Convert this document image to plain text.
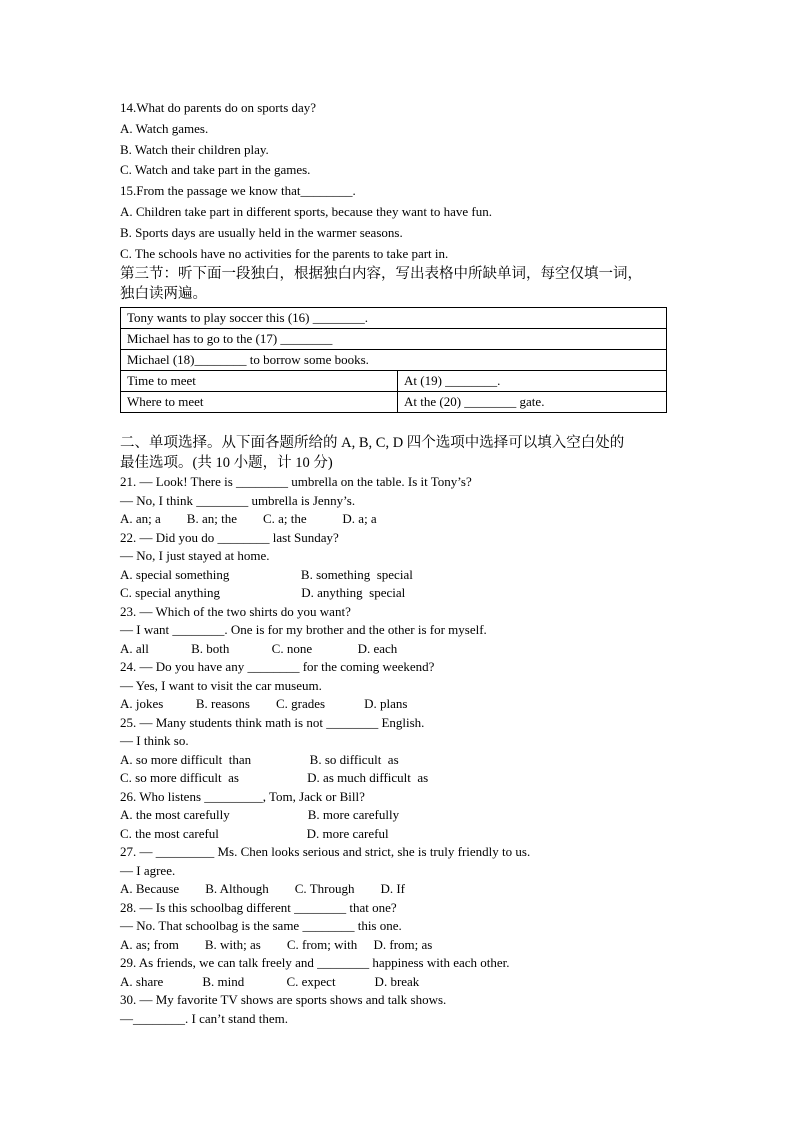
14.What do parents do on sports day?
A. Watch games.
B. Watch their children play.
C. Watch and take part in the games.
15.From the passage we know that________.
A. Children take part in different sports, because they want to have fun.
B. Sports days are usually held in the warmer seasons.
C. The schools have no activities for the parents to take part in.
第三节：听下面一段独白，根据独白内容，写出表格中所缺单词，每空仅填一词，
独白读两遍。
Tony wants to play soccer this (16) ________.	
Michael has to go to the (17) ________	
Michael (18)________ to borrow some books.	
Time to meet	At (19) ________.
Where to meet	At the (20) ________ gate.
二、单项选择。从下面各题所给的 A, B, C, D 四个选项中选择可以填入空白处的
最佳选项。(共 10 小题，计 10 分)
21. — Look! There is ________ umbrella on the table. Is it Tony’s?
— No, I think ________ umbrella is Jenny’s.
A. an; a        B. an; the        C. a; the           D. a; a
22. — Did you do ________ last Sunday?
— No, I just stayed at home.
A. special something                      B. something  special
C. special anything                         D. anything  special
23. — Which of the two shirts do you want?
— I want ________. One is for my brother and the other is for myself.
A. all             B. both             C. none              D. each
24. — Do you have any ________ for the coming weekend?
— Yes, I want to visit the car museum.
A. jokes          B. reasons        C. grades            D. plans
25. — Many students think math is not ________ English.
— I think so.
A. so more difficult  than                  B. so difficult  as
C. so more difficult  as                     D. as much difficult  as
26. Who listens _________, Tom, Jack or Bill?
A. the most carefully                        B. more carefully
C. the most careful                           D. more careful
27. — _________ Ms. Chen looks serious and strict, she is truly friendly to us.
— I agree.
A. Because        B. Although        C. Through        D. If
28. — Is this schoolbag different ________ that one?
— No. That schoolbag is the same ________ this one.
A. as; from        B. with; as        C. from; with     D. from; as
29. As friends, we can talk freely and ________ happiness with each other.
A. share            B. mind             C. expect            D. break
30. — My favorite TV shows are sports shows and talk shows.
—________. I can’t stand them.
